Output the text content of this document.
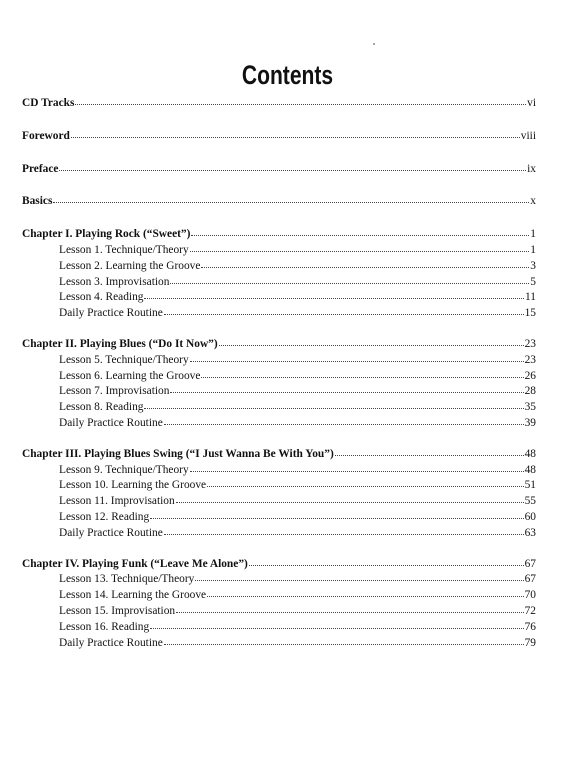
Contents
CD Tracks	vi
Foreword	viii
Preface	ix
Basics	x
Chapter I. Playing Rock (“Sweet”)	1
Lesson 1. Technique/Theory	1
Lesson 2. Learning the Groove	3
Lesson 3. Improvisation	5
Lesson 4. Reading	11
Daily Practice Routine	15
Chapter II. Playing Blues (“Do It Now”)	23
Lesson 5. Technique/Theory	23
Lesson 6. Learning the Groove	26
Lesson 7. Improvisation	28
Lesson 8. Reading	35
Daily Practice Routine	39
Chapter III. Playing Blues Swing (“I Just Wanna Be With You”)	48
Lesson 9. Technique/Theory	48
Lesson 10. Learning the Groove	51
Lesson 11. Improvisation	55
Lesson 12. Reading	60
Daily Practice Routine	63
Chapter IV. Playing Funk (“Leave Me Alone”)	67
Lesson 13. Technique/Theory	67
Lesson 14. Learning the Groove	70
Lesson 15. Improvisation	72
Lesson 16. Reading	76
Daily Practice Routine	79
